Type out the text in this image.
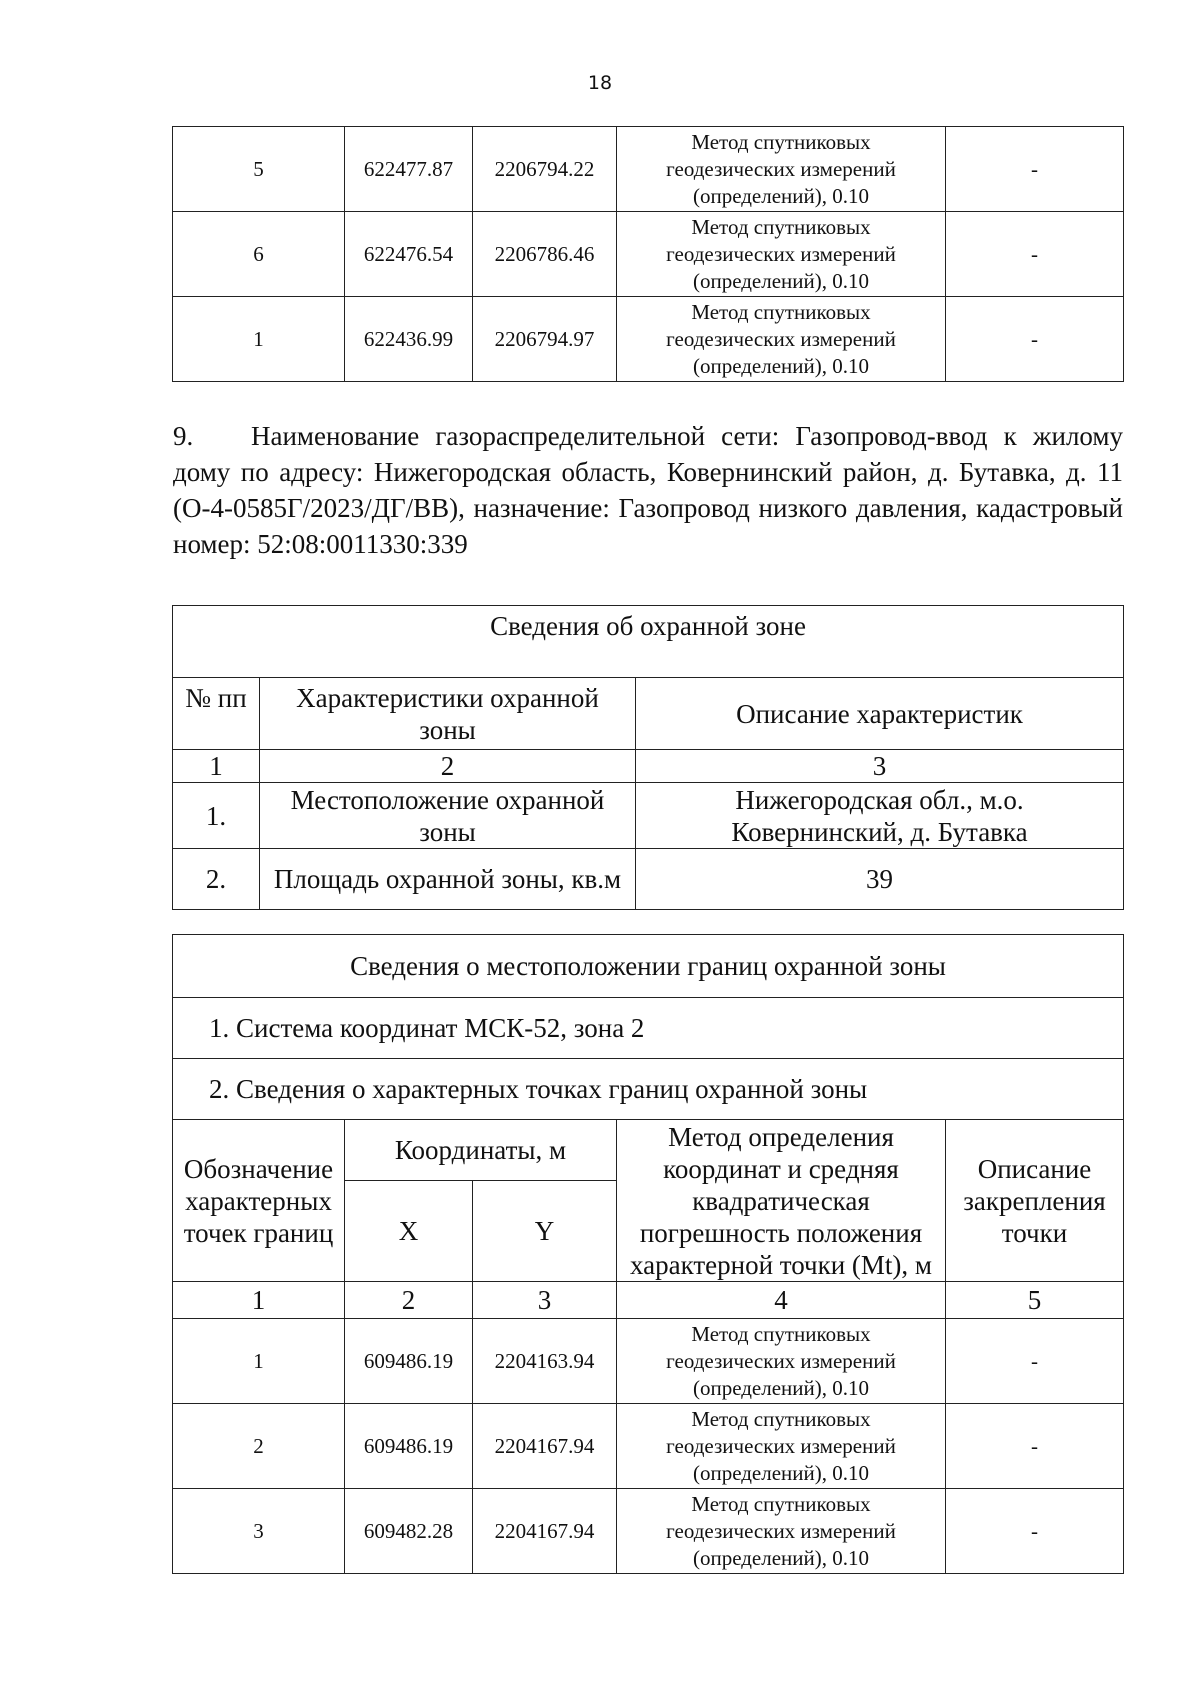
18
5	622477.87	2206794.22	Метод спутниковых
геодезических измерений
(определений), 0.10	-
6	622476.54	2206786.46	Метод спутниковых
геодезических измерений
(определений), 0.10	-
1	622436.99	2206794.97	Метод спутниковых
геодезических измерений
(определений), 0.10	-
9. Наименование газораспределительной сети: Газопровод-ввод к жилому дому по адресу: Нижегородская область, Ковернинский район, д. Бутавка, д. 11 (О-4-0585Г/2023/ДГ/ВВ), назначение: Газопровод низкого давления, кадастровый номер: 52:08:0011330:339
Сведения об охранной зоне		
№ пп	Характеристики охранной
зоны	Описание характеристик
1	2	3
1.	Местоположение охранной
зоны	Нижегородская обл., м.о.
Ковернинский, д. Бутавка
2.	Площадь охранной зоны, кв.м	39
Сведения о местоположении границ охранной зоны				
1. Система координат МСК-52, зона 2				
2. Сведения о характерных точках границ охранной зоны				
Обозначение
характерных
точек границ	Координаты, м		Метод определения
координат и средняя
квадратическая
погрешность положения
характерной точки (Mt), м	Описание
закрепления
точки
	X	Y		
1	2	3	4	5
1	609486.19	2204163.94	Метод спутниковых
геодезических измерений
(определений), 0.10	-
2	609486.19	2204167.94	Метод спутниковых
геодезических измерений
(определений), 0.10	-
3	609482.28	2204167.94	Метод спутниковых
геодезических измерений
(определений), 0.10	-
